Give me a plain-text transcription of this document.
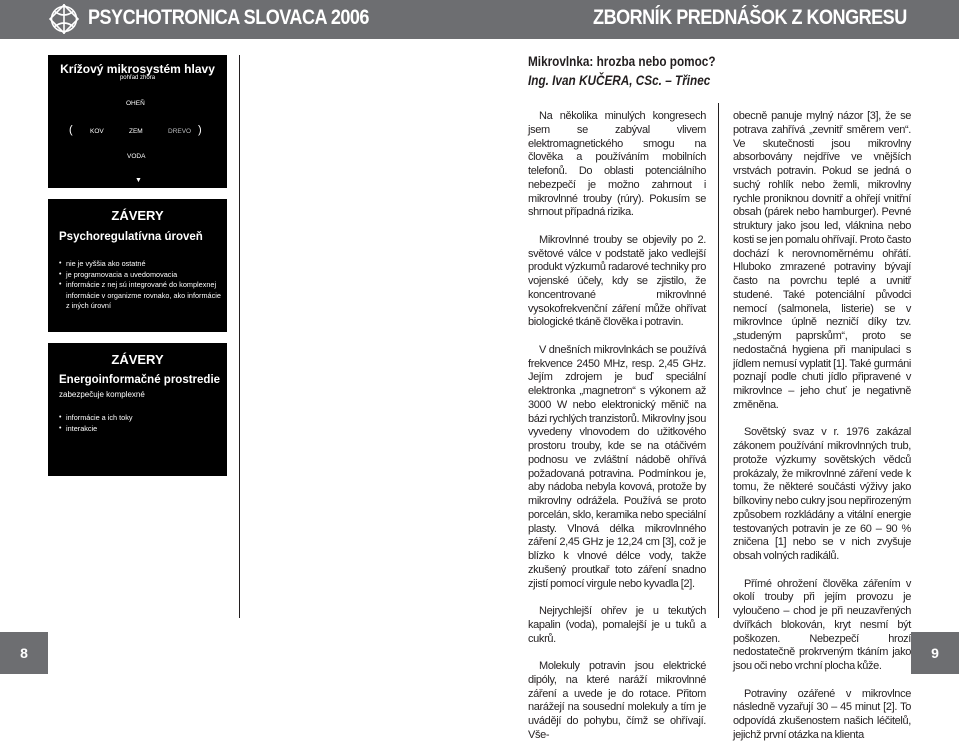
PSYCHOTRONICA SLOVACA 2006	ZBORNÍK PREDNÁŠOK Z KONGRESU
Krížový mikrosystém hlavy
pohľad zhora
OHEŇ
(	KOV	ZEM	DREVO )
VODA
▼
ZÁVERY
Psychoregulatívna úroveň
• nie je vyššia ako ostatné
• je programovacia a uvedomovacia
• informácie z nej sú integrované do komplexnej informácie v organizme rovnako, ako informácie z iných úrovní
ZÁVERY
Energoinformačné prostredie
zabezpečuje komplexné
• informácie a ich toky
• interakcie
Mikrovlnka: hrozba nebo pomoc?
Ing. Ivan KUČERA, CSc. – Třinec

Na několika minulých kongresech jsem se zabýval vlivem elektromagnetického smogu na člověka a používáním mobilních telefonů. Do oblasti potenciálního nebezpečí je možno zahrnout i mikrovlnné trouby (rúry). Pokusím se shrnout případná rizika.

Mikrovlnné trouby se objevily po 2. světové válce v podstatě jako vedlejší produkt výzkumů radarové techniky pro vojenské účely, kdy se zjistilo, že koncentrované mikrovlnné vysokofrekvenční záření může ohřívat biologické tkáně člověka i potravin.

V dnešních mikrovlnkách se používá frekvence 2450 MHz, resp. 2,45 GHz. Jejím zdrojem je buď speciální elektronka „magnetron“ s výkonem až 3000 W nebo elektronický měnič na bázi rychlých tranzistorů. Mikrovlny jsou vyvedeny vlnovodem do užitkového prostoru trouby, kde se na otáčivém podnosu ve zvláštní nádobě ohřívá požadovaná potravina. Podmínkou je, aby nádoba nebyla kovová, protože by mikrovlny odrážela. Používá se proto porcelán, sklo, keramika nebo speciální plasty. Vlnová délka mikrovlnného záření 2,45 GHz je 12,24 cm [3], což je blízko k vlnové délce vody, takže zkušený proutkař toto záření snadno zjistí pomocí virgule nebo kyvadla [2].

Nejrychlejší ohřev je u tekutých kapalin (voda), pomalejší je u tuků a cukrů.

Molekuly potravin jsou elektrické dipóly, na které naráží mikrovlnné záření a uvede je do rotace. Přitom narážejí na sousední molekuly a tím je uvádějí do pohybu, čímž se ohřívají. Vše-

obecně panuje mylný názor [3], že se potrava zahřívá „zevnitř směrem ven“. Ve skutečnosti jsou mikrovlny absorbovány nejdříve ve vnějších vrstvách potravin. Pokud se jedná o suchý rohlík nebo žemli, mikrovlny rychle proniknou dovnitř a ohřejí vnitřní obsah (párek nebo hamburger). Pevné struktury jako jsou led, vláknina nebo kosti se jen pomalu ohřívají. Proto často dochází k nerovnoměrnému ohřátí. Hluboko zmrazené potraviny bývají často na povrchu teplé a uvnitř studené. Také potenciální původci nemocí (salmonela, listerie) se v mikrovlnce úplně nezničí díky tzv. „studeným paprskům“, proto se nedostačná hygiena při manipulaci s jídlem nemusí vyplatit [1]. Také gurmáni poznají podle chuti jídlo připravené v mikrovlnce – jeho chuť je negativně změněna.

Sovětský svaz v r. 1976 zakázal zákonem používání mikrovlnných trub, protože výzkumy sovětských vědců prokázaly, že mikrovlnné záření vede k tomu, že některé součásti výživy jako bílkoviny nebo cukry jsou nepřirozeným způsobem rozkládány a vitální energie testovaných potravin je ze 60 – 90 % zničena [1] nebo se v nich zvyšuje obsah volných radikálů.

Přímé ohrožení člověka zářením v okolí trouby při jejím provozu je vyloučeno – chod je při neuzavřených dvířkách blokován, kryt nesmí být poškozen. Nebezpečí hrozí nedostatečně prokrveným tkáním jako jsou oči nebo vrchní plocha kůže.

Potraviny ozářené v mikrovlnce následně vyzařují 30 – 45 minut [2]. To odpovídá zkušenostem našich léčitelů, jejichž první otázka na klienta

8	9
